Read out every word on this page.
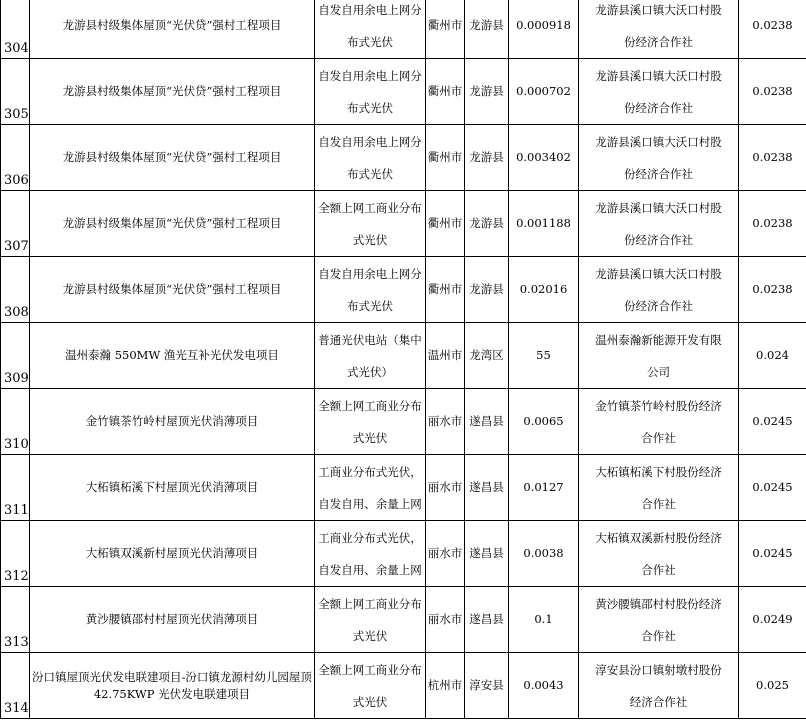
304	龙游县村级集体屋顶“光伏贷”强村工程项目	自发自用余电上网分
布式光伏	衢州市	龙游县	0.000918	龙游县溪口镇大沃口村股
份经济合作社	0.0238
305	龙游县村级集体屋顶“光伏贷”强村工程项目	自发自用余电上网分
布式光伏	衢州市	龙游县	0.000702	龙游县溪口镇大沃口村股
份经济合作社	0.0238
306	龙游县村级集体屋顶“光伏贷”强村工程项目	自发自用余电上网分
布式光伏	衢州市	龙游县	0.003402	龙游县溪口镇大沃口村股
份经济合作社	0.0238
307	龙游县村级集体屋顶“光伏贷”强村工程项目	全额上网工商业分布
式光伏	衢州市	龙游县	0.001188	龙游县溪口镇大沃口村股
份经济合作社	0.0238
308	龙游县村级集体屋顶“光伏贷”强村工程项目	自发自用余电上网分
布式光伏	衢州市	龙游县	0.02016	龙游县溪口镇大沃口村股
份经济合作社	0.0238
309	温州泰瀚 550MW 渔光互补光伏发电项目	普通光伏电站（集中
式光伏）	温州市	龙湾区	55	温州泰瀚新能源开发有限
公司	0.024
310	金竹镇茶竹岭村屋顶光伏消薄项目	全额上网工商业分布
式光伏	丽水市	遂昌县	0.0065	金竹镇茶竹岭村股份经济
合作社	0.0245
311	大柘镇柘溪下村屋顶光伏消薄项目	工商业分布式光伏，
自发自用、余量上网	丽水市	遂昌县	0.0127	大柘镇柘溪下村股份经济
合作社	0.0245
312	大柘镇双溪新村屋顶光伏消薄项目	工商业分布式光伏，
自发自用、余量上网	丽水市	遂昌县	0.0038	大柘镇双溪新村股份经济
合作社	0.0245
313	黄沙腰镇邵村村屋顶光伏消薄项目	全额上网工商业分布
式光伏	丽水市	遂昌县	0.1	黄沙腰镇邵村村股份经济
合作社	0.0249
314	汾口镇屋顶光伏发电联建项目-汾口镇龙源村幼儿园屋顶 42.75KWP 光伏发电联建项目	全额上网工商业分布
式光伏	杭州市	淳安县	0.0043	淳安县汾口镇射墩村股份
经济合作社	0.025
